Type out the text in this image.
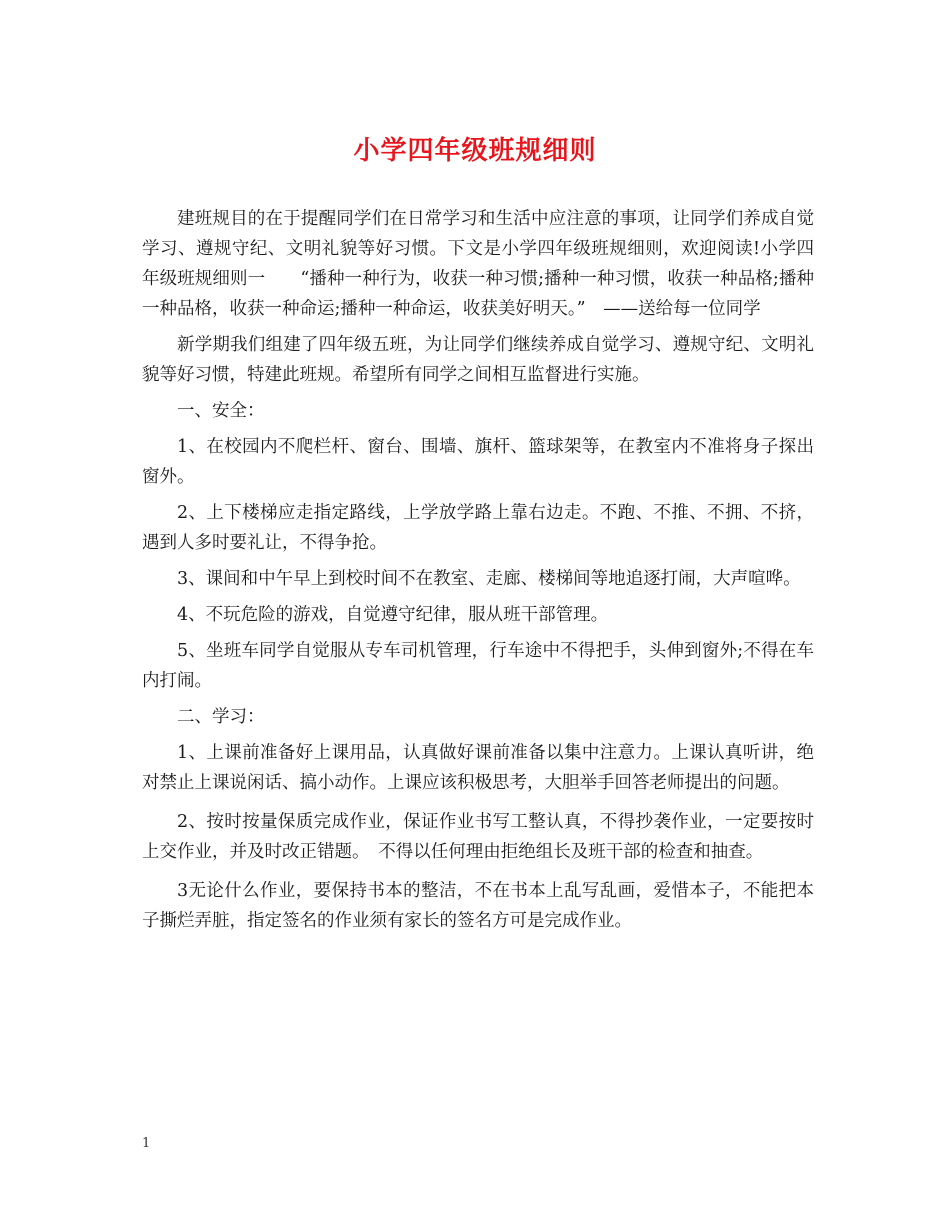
小学四年级班规细则

建班规目的在于提醒同学们在日常学习和生活中应注意的事项，让同学们养成自觉学习、遵规守纪、文明礼貌等好习惯。下文是小学四年级班规细则，欢迎阅读!小学四年级班规细则一　　“播种一种行为，收获一种习惯;播种一种习惯，收获一种品格;播种一种品格，收获一种命运;播种一种命运，收获美好明天。”　——送给每一位同学

新学期我们组建了四年级五班，为让同学们继续养成自觉学习、遵规守纪、文明礼貌等好习惯，特建此班规。希望所有同学之间相互监督进行实施。

一、安全：

1、在校园内不爬栏杆、窗台、围墙、旗杆、篮球架等，在教室内不准将身子探出窗外。

2、上下楼梯应走指定路线，上学放学路上靠右边走。不跑、不推、不拥、不挤，遇到人多时要礼让，不得争抢。

3、课间和中午早上到校时间不在教室、走廊、楼梯间等地追逐打闹，大声喧哗。

4、不玩危险的游戏，自觉遵守纪律，服从班干部管理。

5、坐班车同学自觉服从专车司机管理，行车途中不得把手，头伸到窗外;不得在车内打闹。

二、学习：

1、上课前准备好上课用品，认真做好课前准备以集中注意力。上课认真听讲，绝对禁止上课说闲话、搞小动作。上课应该积极思考，大胆举手回答老师提出的问题。

2、按时按量保质完成作业，保证作业书写工整认真，不得抄袭作业，一定要按时上交作业，并及时改正错题。　不得以任何理由拒绝组长及班干部的检查和抽查。

3无论什么作业，要保持书本的整洁，不在书本上乱写乱画，爱惜本子，不能把本子撕烂弄脏，指定签名的作业须有家长的签名方可是完成作业。

1
